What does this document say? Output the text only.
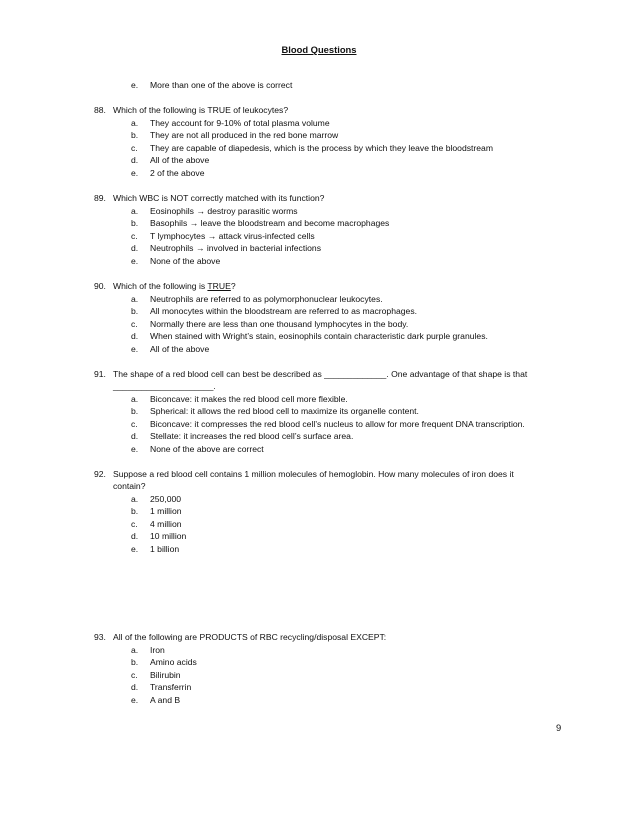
Blood Questions
e. More than one of the above is correct
88. Which of the following is TRUE of leukocytes?
a. They account for 9-10% of total plasma volume
b. They are not all produced in the red bone marrow
c. They are capable of diapedesis, which is the process by which they leave the bloodstream
d. All of the above
e. 2 of the above
89. Which WBC is NOT correctly matched with its function?
a. Eosinophils → destroy parasitic worms
b. Basophils → leave the bloodstream and become macrophages
c. T lymphocytes → attack virus-infected cells
d. Neutrophils → involved in bacterial infections
e. None of the above
90. Which of the following is TRUE?
a. Neutrophils are referred to as polymorphonuclear leukocytes.
b. All monocytes within the bloodstream are referred to as macrophages.
c. Normally there are less than one thousand lymphocytes in the body.
d. When stained with Wright’s stain, eosinophils contain characteristic dark purple granules.
e. All of the above
91. The shape of a red blood cell can best be described as _____________. One advantage of that shape is that
_____________________.
a. Biconcave: it makes the red blood cell more flexible.
b. Spherical: it allows the red blood cell to maximize its organelle content.
c. Biconcave: it compresses the red blood cell’s nucleus to allow for more frequent DNA transcription.
d. Stellate: it increases the red blood cell’s surface area.
e. None of the above are correct
92. Suppose a red blood cell contains 1 million molecules of hemoglobin. How many molecules of iron does it
contain?
a. 250,000
b. 1 million
c. 4 million
d. 10 million
e. 1 billion
93. All of the following are PRODUCTS of RBC recycling/disposal EXCEPT:
a. Iron
b. Amino acids
c. Bilirubin
d. Transferrin
e. A and B
9
